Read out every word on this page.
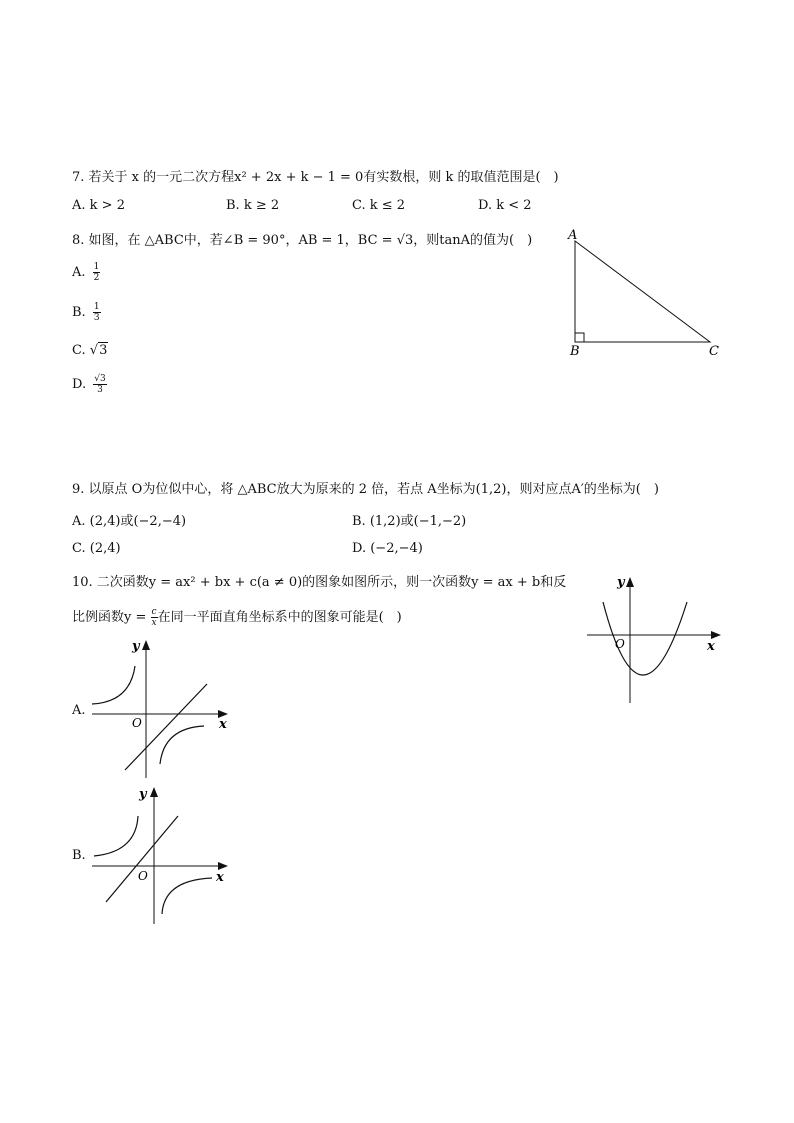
7. 若关于 x 的一元二次方程x² + 2x + k − 1 = 0有实数根，则 k 的取值范围是(　)
A. k > 2	B. k ≥ 2	C. k ≤ 2	D. k < 2
8. 如图，在 △ABC中，若∠B = 90°，AB = 1，BC = √3，则tanA的值为(　)
A. $\frac{1}{2}$
B. $\frac{1}{3}$
C. √3
D. $\frac{√3}{3}$
A
B	C
9. 以原点 O为位似中心，将 △ABC放大为原来的 2 倍，若点 A坐标为(1,2)，则对应点A′的坐标为(　)
A. (2,4)或(−2,−4)	B. (1,2)或(−1,−2)
C. (2,4)	D. (−2,−4)
10. 二次函数y = ax² + bx + c(a ≠ 0)的图象如图所示，则一次函数y = ax + b和反
比例函数$y = \frac{c}{x}$ 在同一平面直角坐标系中的图象可能是(　)
y
x
O
A.
y
x
O
B.
y
x
O
